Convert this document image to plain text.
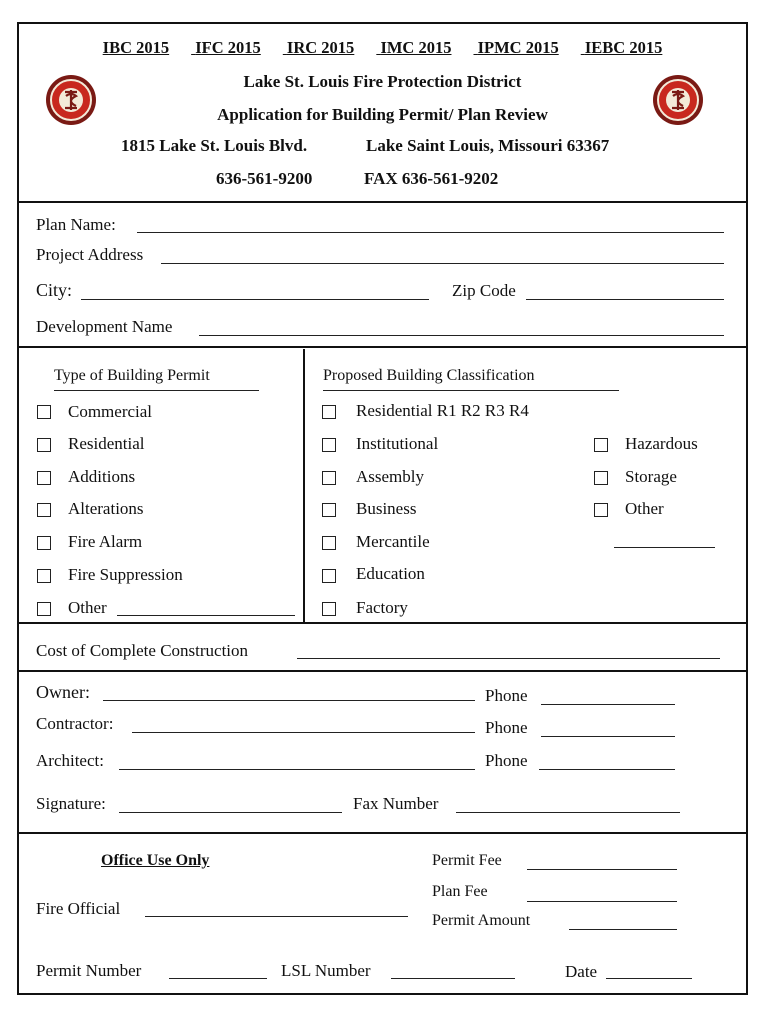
IBC 2015 IFC 2015 IRC 2015 IMC 2015 IPMC 2015 IEBC 2015
Lake St. Louis Fire Protection District
Application for Building Permit/ Plan Review
1815 Lake St. Louis Blvd.	Lake Saint Louis, Missouri 63367
636-561-9200	FAX 636-561-9202
Plan Name:
Project Address
City:	Zip Code
Development Name
Type of Building Permit
Commercial
Residential
Additions
Alterations
Fire Alarm
Fire Suppression
Other
Proposed Building Classification
Residential R1 R2 R3 R4
Institutional
Assembly
Business
Mercantile
Education
Factory
Hazardous
Storage
Other
Cost of Complete Construction
Owner:	Phone
Contractor:	Phone
Architect:	Phone
Signature:	Fax Number
Office Use Only	Permit Fee
Plan Fee
Fire Official
Permit Amount
Permit Number	LSL Number	Date
